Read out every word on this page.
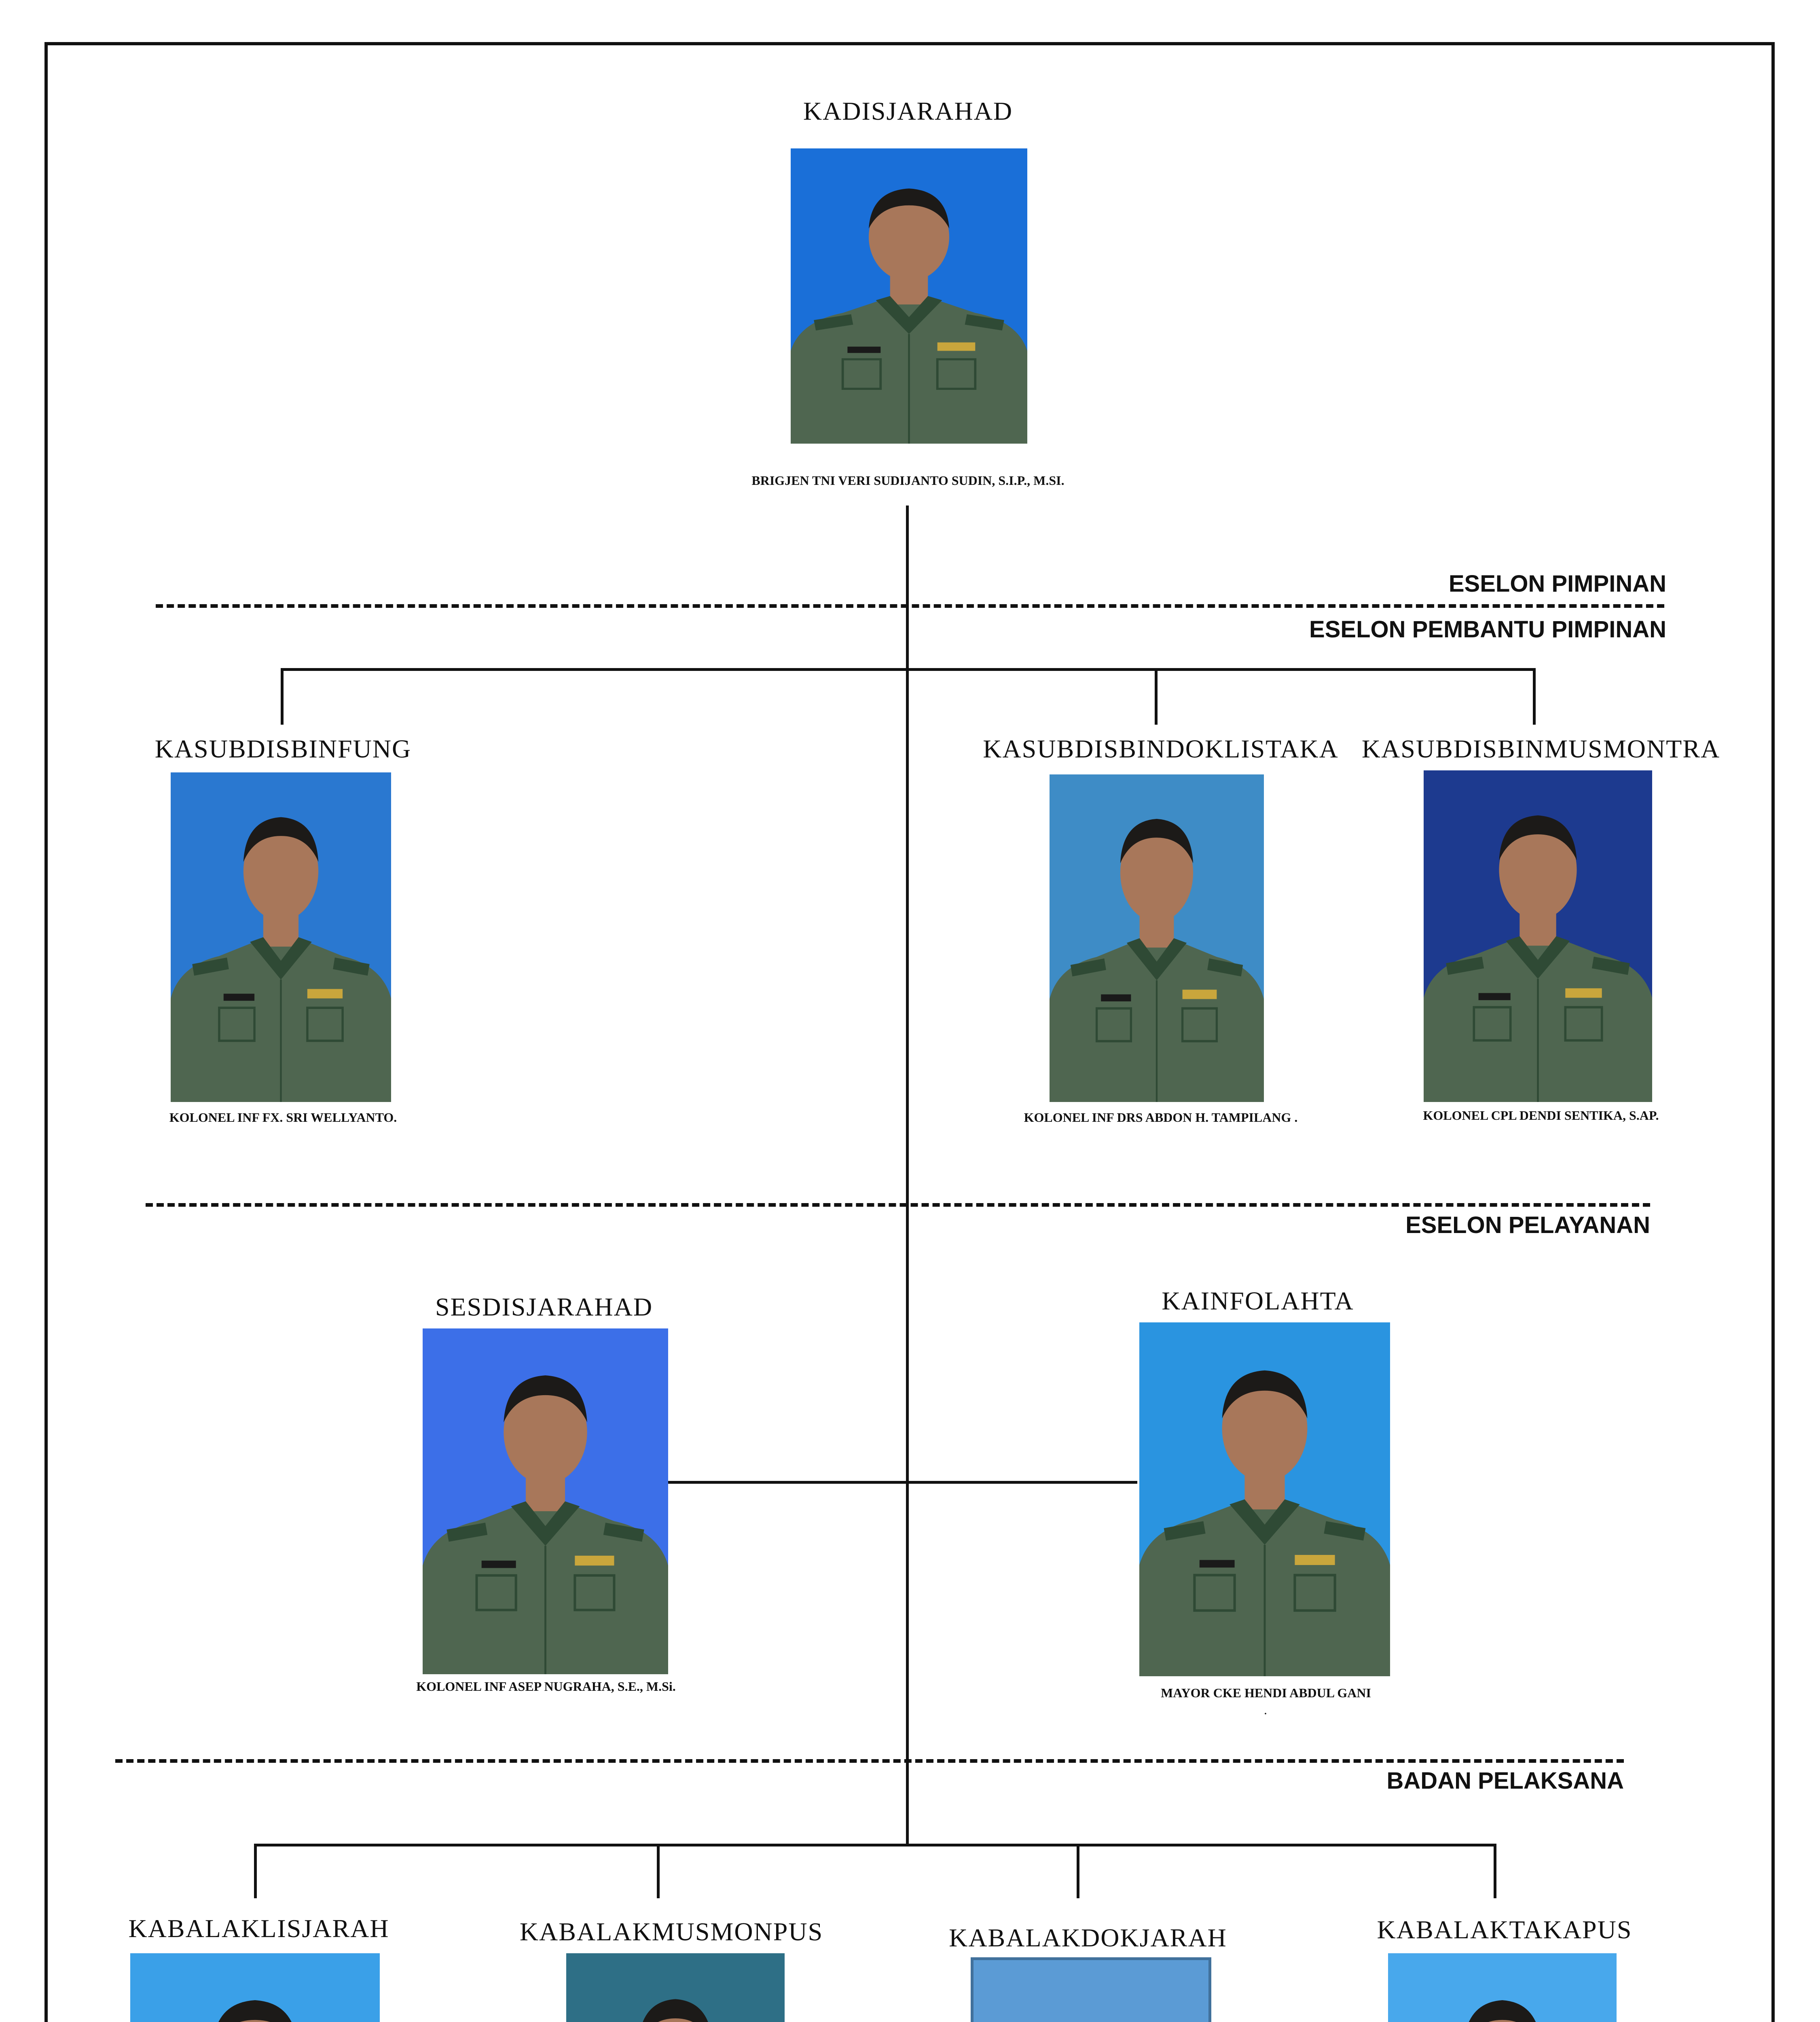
ESELON PIMPINAN
ESELON PEMBANTU PIMPINAN
ESELON PELAYANAN
BADAN PELAKSANA
KADISJARAHAD
BRIGJEN TNI VERI SUDIJANTO SUDIN, S.I.P., M.SI.
KASUBDISBINFUNG
KOLONEL INF FX. SRI WELLYANTO.
KASUBDISBINDOKLISTAKA
KOLONEL INF DRS ABDON H. TAMPILANG .
KASUBDISBINMUSMONTRA
KOLONEL CPL DENDI SENTIKA, S.AP.
SESDISJARAHAD
KOLONEL INF ASEP NUGRAHA, S.E., M.Si.
KAINFOLAHTA
MAYOR CKE HENDI ABDUL GANI
.
KABALAKLISJARAH	KABALAKMUSMONPUS	KABALAKDOKJARAH	KABALAKTAKAPUS
